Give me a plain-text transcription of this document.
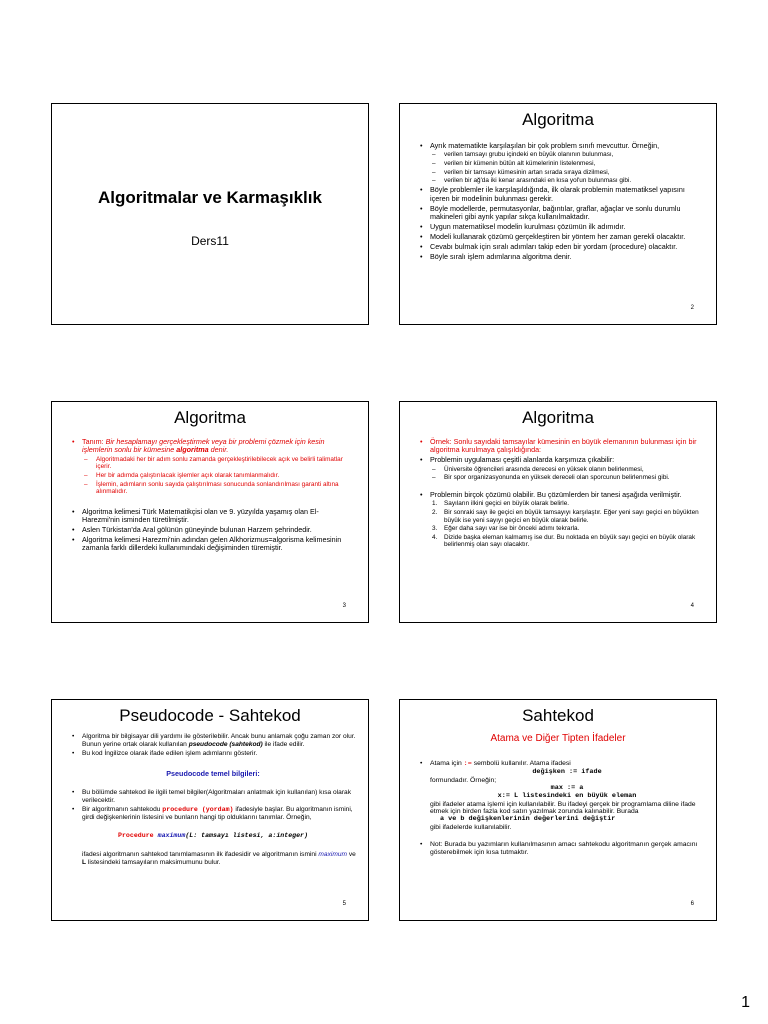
Algoritmalar ve Karmaşıklık
Ders11
Algoritma
• Ayrık matematikte karşılaşılan bir çok problem sınıfı mevcuttur. Örneğin,
– verilen tamsayı grubu içindeki en büyük olanının bulunması,
– verilen bir kümenin bütün alt kümelerinin listelenmesi,
– verilen bir tamsayı kümesinin artan sırada sıraya dizilmesi,
– verilen bir ağ'da iki kenar arasındaki en kısa yol'un bulunması gibi.
• Böyle problemler ile karşılaşıldığında, ilk olarak problemin matematiksel yapısını içeren bir modelinin bulunması gerekir.
• Böyle modellerde, permutasyonlar, bağıntılar, graflar, ağaçlar ve sonlu durumlu makineleri gibi ayrık yapılar sıkça kullanılmaktadır.
• Uygun matematiksel modelin kurulması çözümün ilk adımıdır.
• Modeli kullanarak çözümü gerçekleştiren bir yöntem her zaman gerekli olacaktır.
• Cevabı bulmak için sıralı adımları takip eden bir yordam (procedure) olacaktır.
• Böyle sıralı işlem adımlarına algoritma denir.
2
Algoritma
• Tanım: Bir hesaplamayı gerçekleştirmek veya bir problemi çözmek için kesin işlemlerin sonlu bir kümesine algoritma denir.
– Algoritmadaki her bir adım sonlu zamanda gerçekleştirilebilecek açık ve belirli talimatlar içerir.
– Her bir adımda çalıştırılacak işlemler açık olarak tanımlanmalıdır.
– İşlemin, adımların sonlu sayıda çalıştırılması sonucunda sonlandırılması garanti altına alınmalıdır.
• Algoritma kelimesi Türk Matematikçisi olan ve 9. yüzyılda yaşamış olan El-Harezmi'nin isminden türetilmiştir.
• Aslen Türkistan'da Aral gölünün güneyinde bulunan Harzem şehrindedir.
• Algoritma kelimesi Harezmi'nin adından gelen Alkhorizmus=algorisma kelimesinin zamanla farklı dillerdeki kullanımındaki değişiminden türemiştir.
3
Algoritma
• Örnek: Sonlu sayıdaki tamsayılar kümesinin en büyük elemanının bulunması için bir algoritma kurulmaya çalışıldığında:
• Problemin uygulaması çeşitli alanlarda karşımıza çıkabilir:
– Üniversite öğrencileri arasında derecesi en yüksek olanın belirlenmesi,
– Bir spor organizasyonunda en yüksek dereceli olan sporcunun belirlenmesi gibi.
• Problemin birçok çözümü olabilir. Bu çözümlerden bir tanesi aşağıda verilmiştir.
1. Sayıların ilkini geçici en büyük olarak belirle.
2. Bir sonraki sayı ile geçici en büyük tamsayıyı karşılaştır. Eğer yeni sayı geçici en büyükten büyük ise yeni sayıyı geçici en büyük olarak belirle.
3. Eğer daha sayı var ise bir önceki adımı tekrarla.
4. Dizide başka eleman kalmamış ise dur. Bu noktada en büyük sayı geçici en büyük olarak belirlenmiş olan sayı olacaktır.
4
Pseudocode - Sahtekod
• Algoritma bir bilgisayar dili yardımı ile gösterilebilir. Ancak bunu anlamak çoğu zaman zor olur. Bunun yerine ortak olarak kullanılan pseudocode (sahtekod) ile ifade edilir.
• Bu kod İngilizce olarak ifade edilen işlem adımlarını gösterir.
Pseudocode temel bilgileri:
• Bu bölümde sahtekod ile ilgili temel bilgiler(Algoritmaları anlatmak için kullanılan) kısa olarak verilecektir.
• Bir algoritmanın sahtekodu procedure (yordam) ifadesiyle başlar. Bu algoritmanın ismini, girdi değişkenlerinin listesini ve bunların hangi tip olduklarını tanımlar. Örneğin,
Procedure maximum(L: tamsayı listesi, a:integer)
ifadesi algoritmanın sahtekod tanımlamasının ilk ifadesidir ve algoritmanın ismini maximum ve L listesindeki tamsayıların maksimumunu bulur.
5
Sahtekod
Atama ve Diğer Tipten İfadeler
• Atama için := sembolü kullanılır. Atama ifadesi
değişken := ifade
formundadır. Örneğin;
max := a
x:= L listesindeki en büyük eleman
gibi ifadeler atama işlemi için kullanılabilir. Bu ifadeyi gerçek bir programlama diline ifade etmek için birden fazla kod satırı yazılmak zorunda kalınabilir. Burada
a ve b değişkenlerinin değerlerini değiştir
gibi ifadelerde kullanılabilir.
• Not: Burada bu yazımların kullanılmasının amacı sahtekodu algoritmanın gerçek amacını gösterebilmek için kısa tutmaktır.
6
1
